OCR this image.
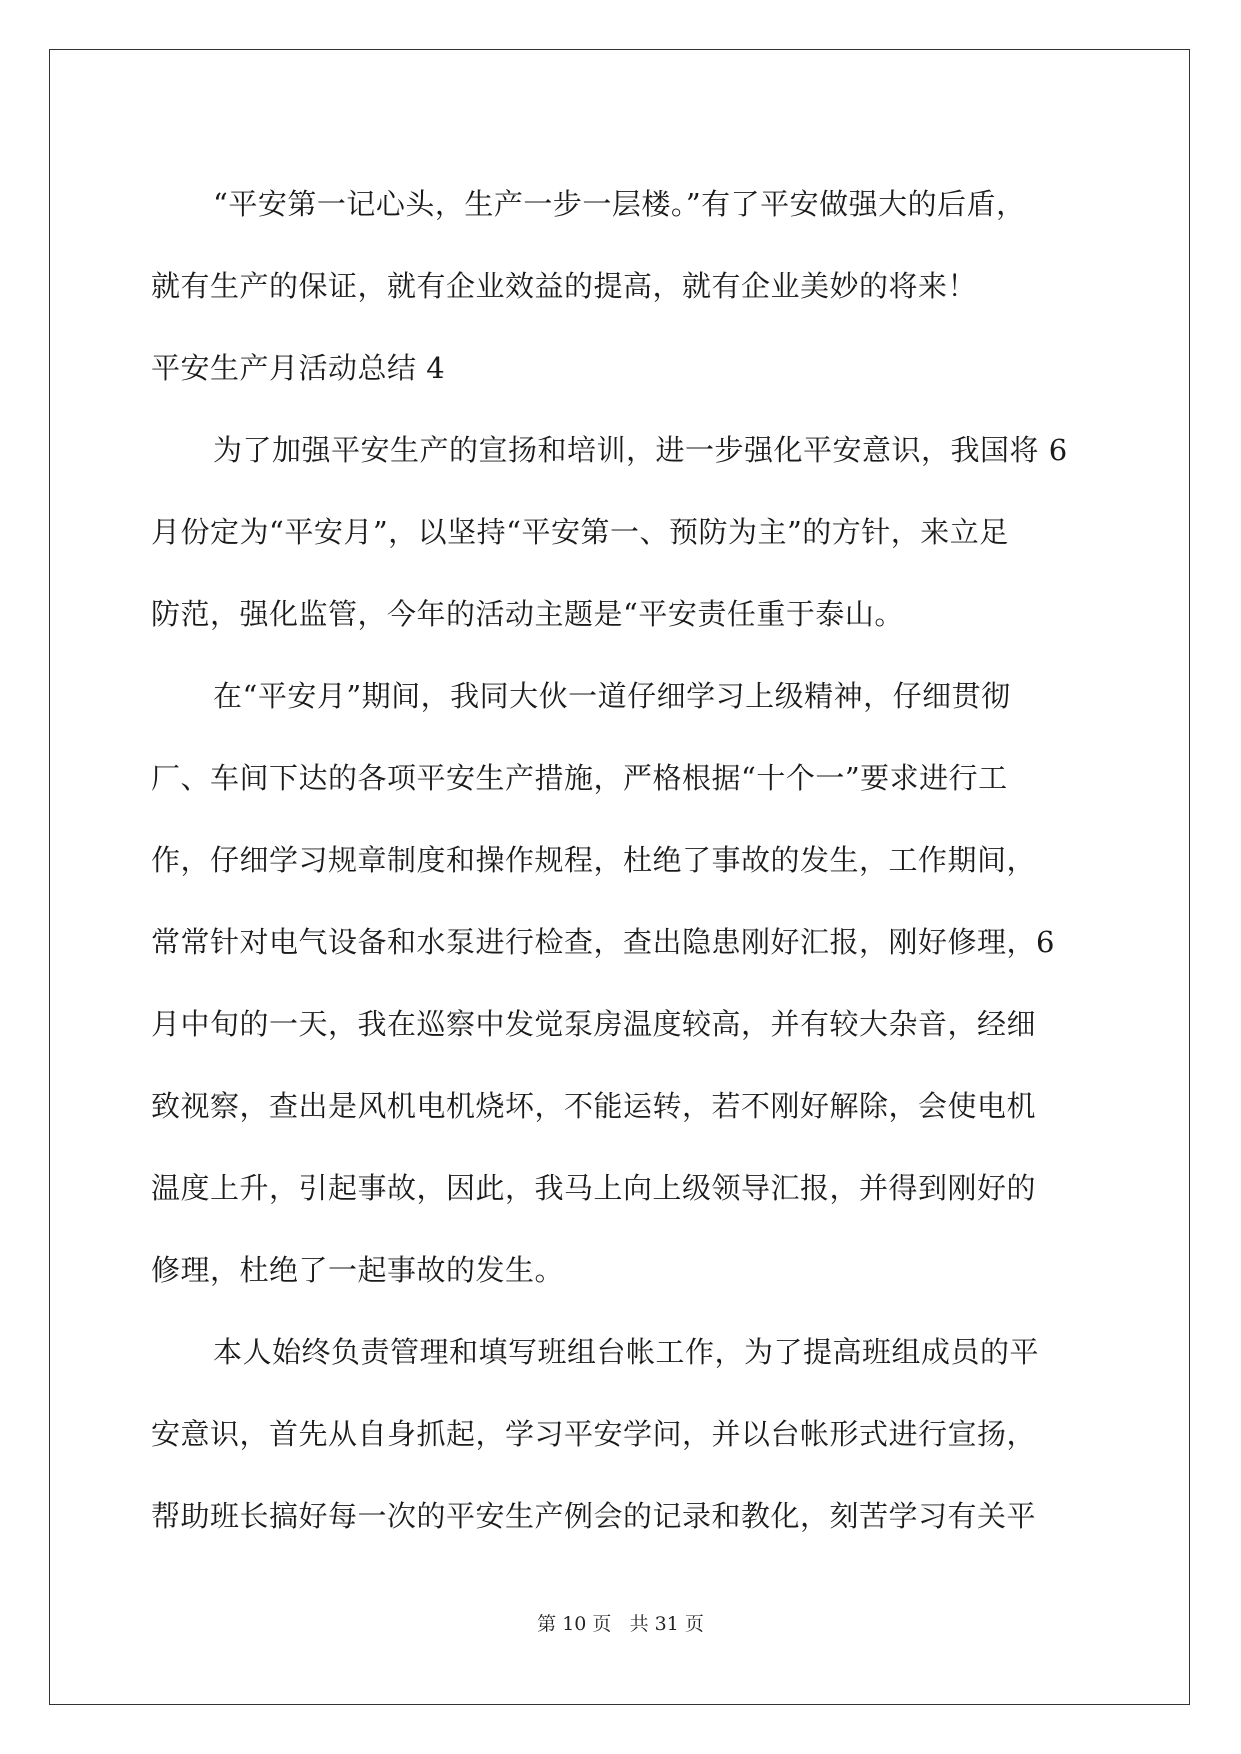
“平安第一记心头，生产一步一层楼。”有了平安做强大的后盾，
就有生产的保证，就有企业效益的提高，就有企业美妙的将来！
平安生产月活动总结 4
为了加强平安生产的宣扬和培训，进一步强化平安意识，我国将 6
月份定为“平安月”，以坚持“平安第一、预防为主”的方针，来立足
防范，强化监管，今年的活动主题是“平安责任重于泰山。
在“平安月”期间，我同大伙一道仔细学习上级精神，仔细贯彻
厂、车间下达的各项平安生产措施，严格根据“十个一”要求进行工
作，仔细学习规章制度和操作规程，杜绝了事故的发生，工作期间，
常常针对电气设备和水泵进行检查，查出隐患刚好汇报，刚好修理，6
月中旬的一天，我在巡察中发觉泵房温度较高，并有较大杂音，经细
致视察，查出是风机电机烧坏，不能运转，若不刚好解除，会使电机
温度上升，引起事故，因此，我马上向上级领导汇报，并得到刚好的
修理，杜绝了一起事故的发生。
本人始终负责管理和填写班组台帐工作，为了提高班组成员的平
安意识，首先从自身抓起，学习平安学问，并以台帐形式进行宣扬，
帮助班长搞好每一次的平安生产例会的记录和教化，刻苦学习有关平
第 10 页 共 31 页
